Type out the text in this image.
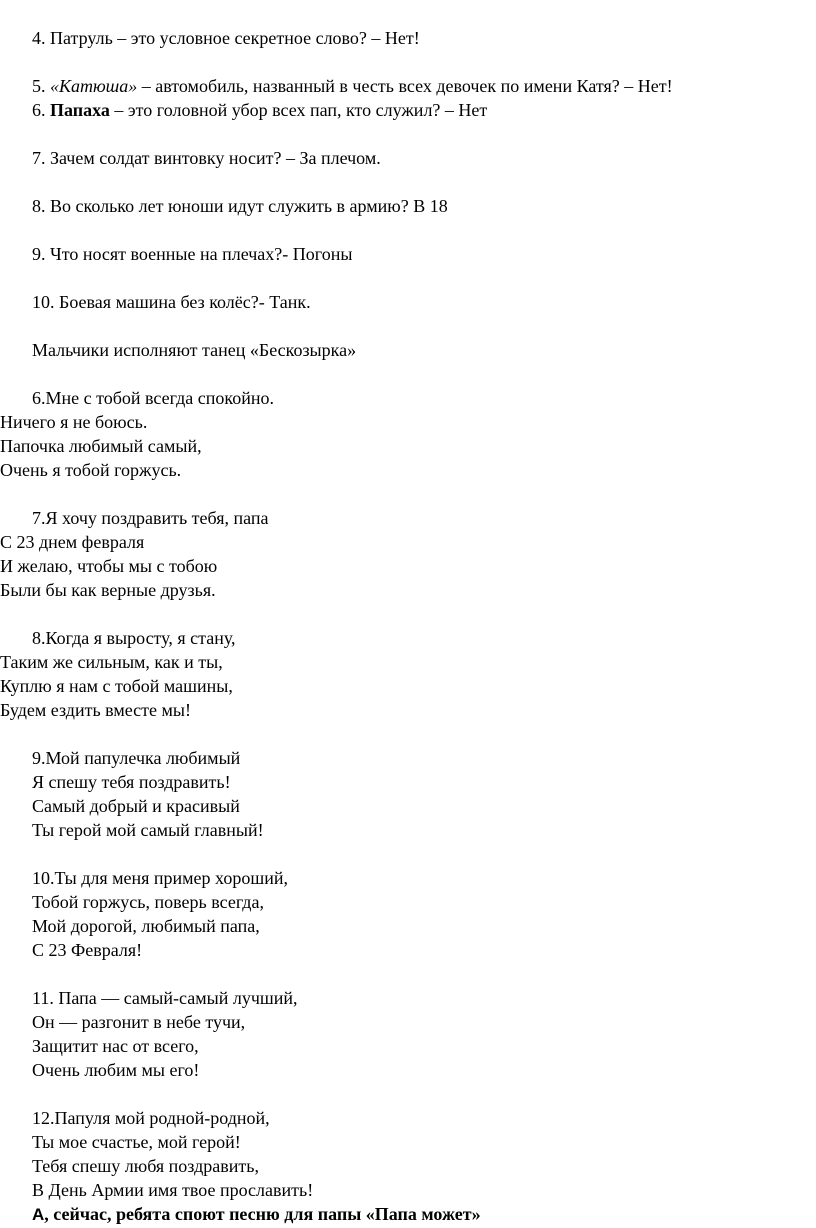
4. Патруль – это условное секретное слово? – Нет!
5. «Катюша» – автомобиль, названный в честь всех девочек по имени Катя? – Нет!
6. Папаха – это головной убор всех пап, кто служил? – Нет
7. Зачем солдат винтовку носит? – За плечом.
8. Во сколько лет юноши идут служить в армию? В 18
9. Что носят военные на плечах?- Погоны
10. Боевая машина без колёс?- Танк.
Мальчики исполняют танец «Бескозырка»
6.Мне с тобой всегда спокойно.
Ничего я не боюсь.
Папочка любимый самый,
Очень я тобой горжусь.
7.Я хочу поздравить тебя, папа
С 23 днем февраля
И желаю, чтобы мы с тобою
Были бы как верные друзья.
8.Когда я выросту, я стану,
Таким же сильным, как и ты,
Куплю я нам с тобой машины,
Будем ездить вместе мы!
9.Мой папулечка любимый
Я спешу тебя поздравить!
Самый добрый и красивый
Ты герой мой самый главный!
10.Ты для меня пример хороший,
Тобой горжусь, поверь всегда,
Мой дорогой, любимый папа,
С 23 Февраля!
11. Папа — самый-самый лучший,
Он — разгонит в небе тучи,
Защитит нас от всего,
Очень любим мы его!
12.Папуля мой родной-родной,
Ты мое счастье, мой герой!
Тебя спешу любя поздравить,
В День Армии имя твое прославить!
А, сейчас, ребята споют песню для папы «Папа может»
